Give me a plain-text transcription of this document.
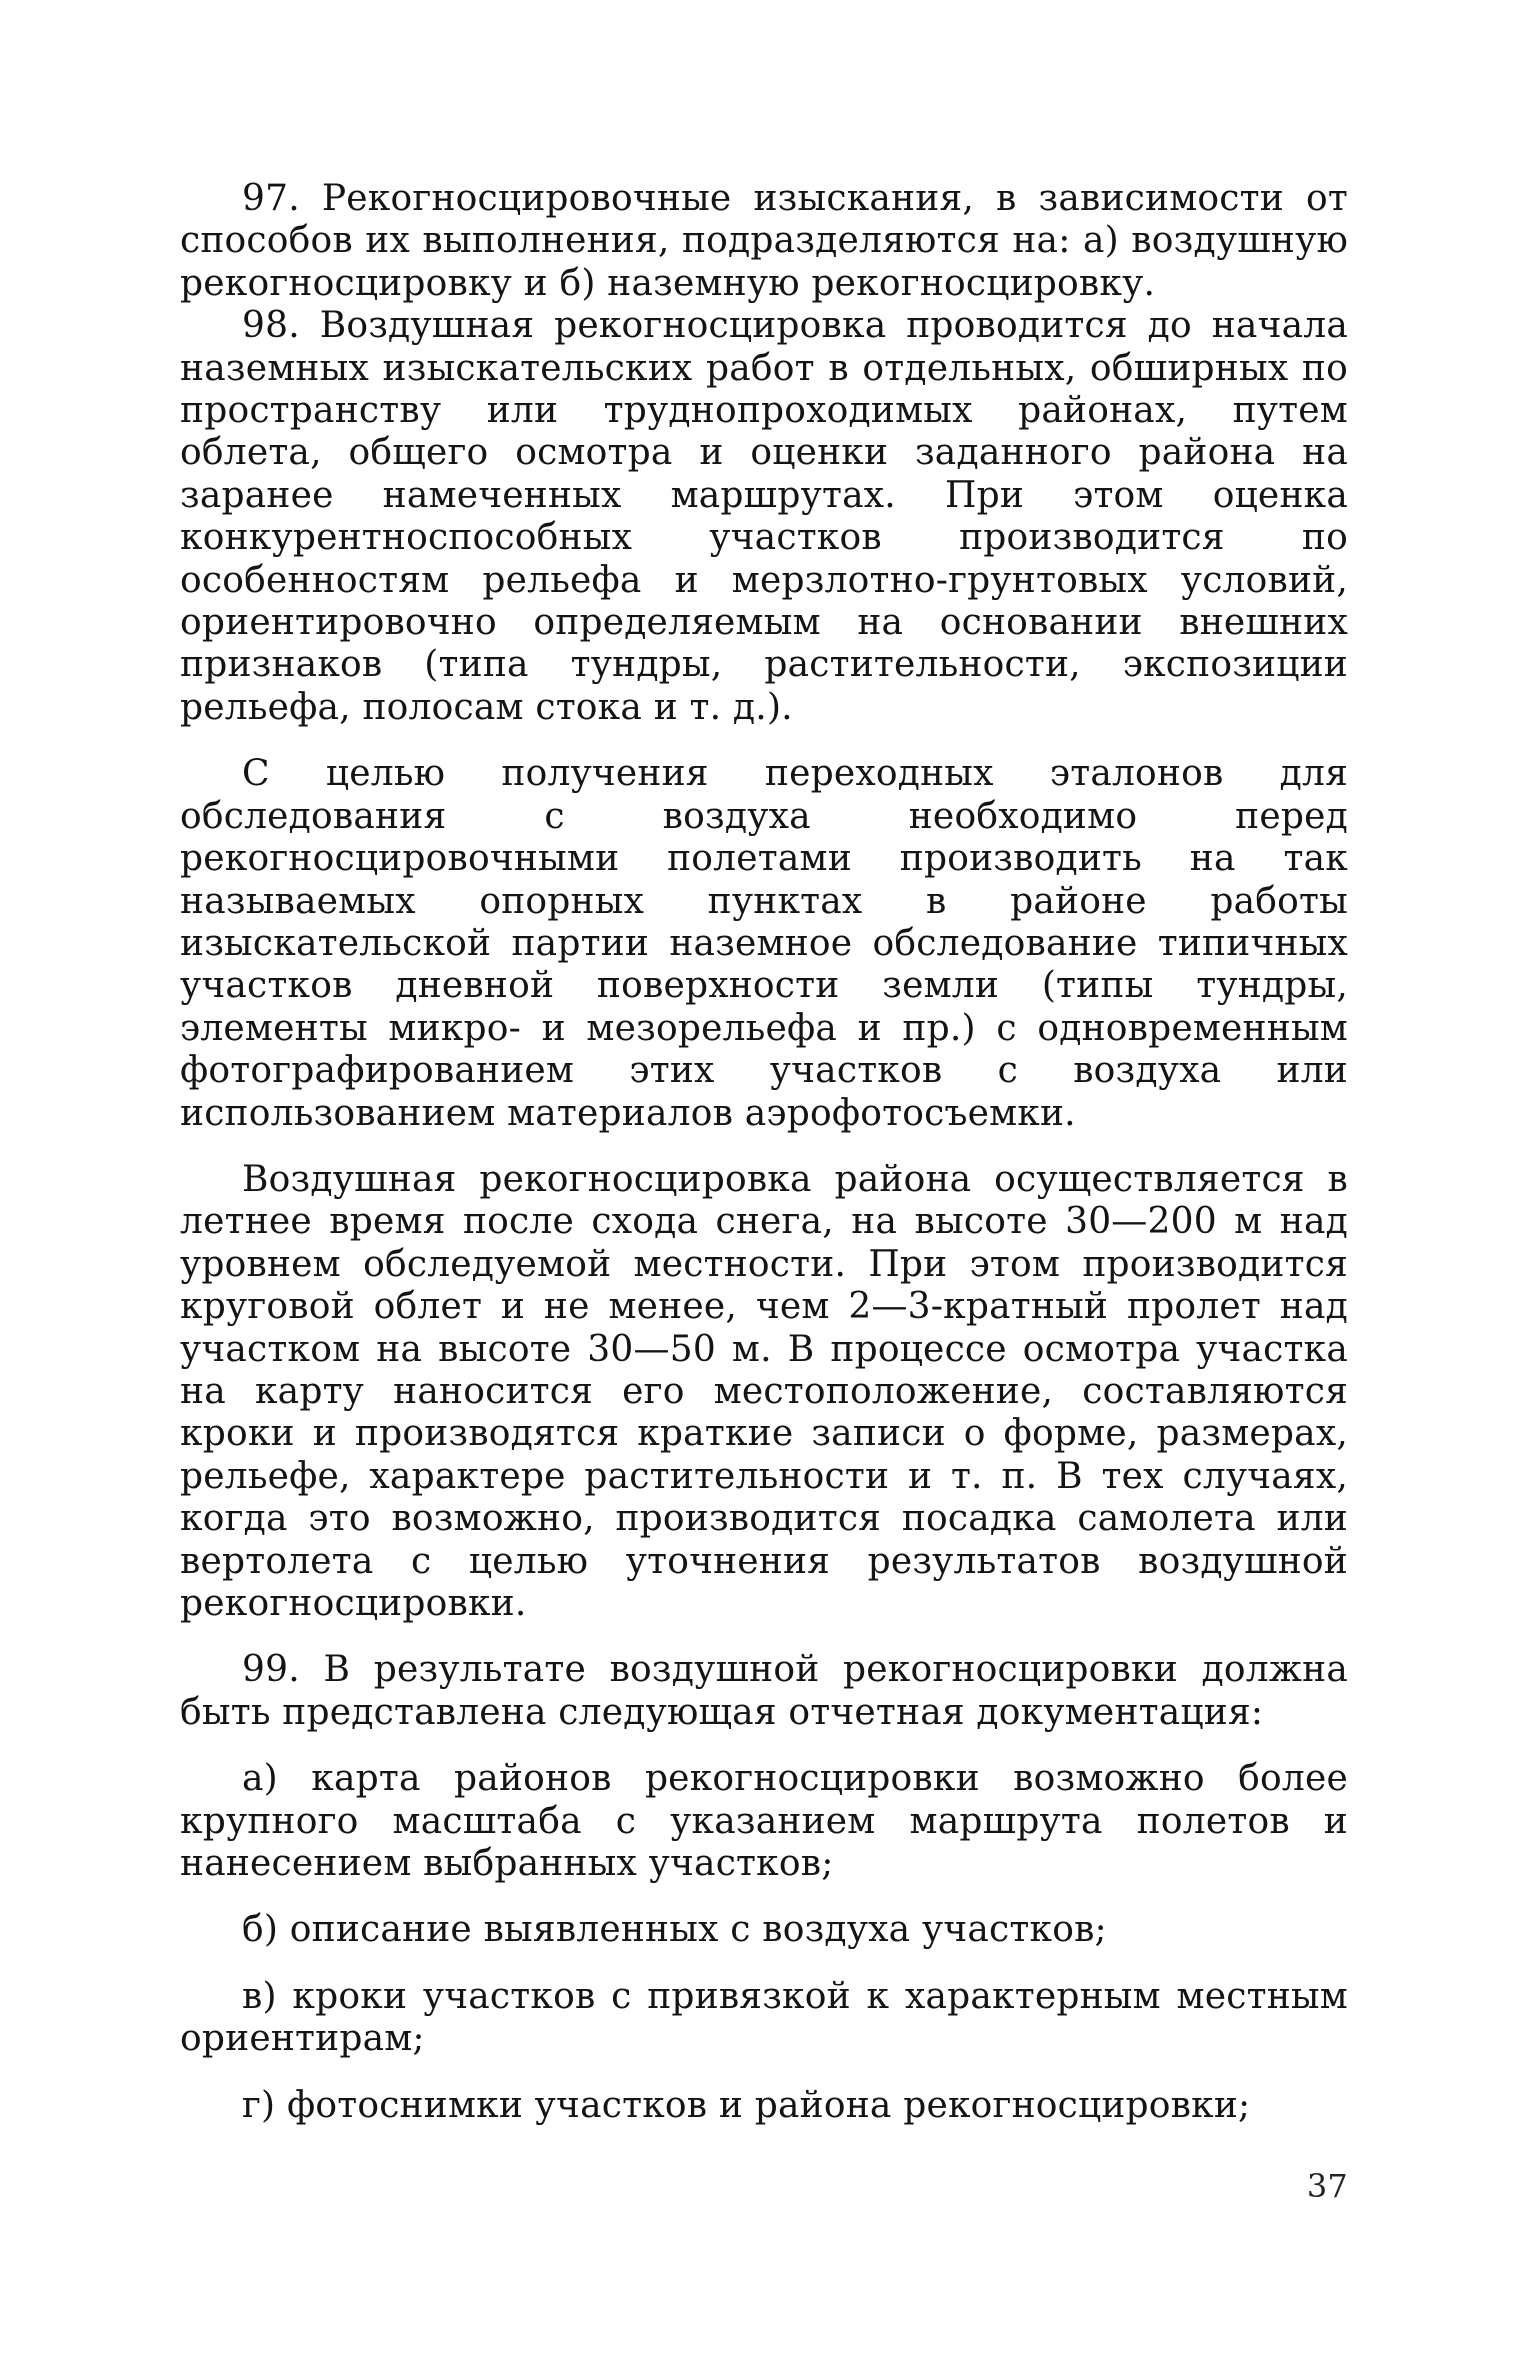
97. Рекогносцировочные изыскания, в зависимости от способов их выполнения, подразделяются на: а) воздушную рекогносцировку и б) наземную рекогносцировку.

98. Воздушная рекогносцировка проводится до начала наземных изыскательских работ в отдельных, обширных по пространству или труднопроходимых районах, путем облета, общего осмотра и оценки заданного района на заранее намеченных маршрутах. При этом оценка конкурентноспособных участков производится по особенностям рельефа и мерзлотно-грунтовых условий, ориентировочно определяемым на основании внешних признаков (типа тундры, растительности, экспозиции рельефа, полосам стока и т. д.).

С целью получения переходных эталонов для обследования с воздуха необходимо перед рекогносцировочными полетами производить на так называемых опорных пунктах в районе работы изыскательской партии наземное обследование типичных участков дневной поверхности земли (типы тундры, элементы микро- и мезорельефа и пр.) с одновременным фотографированием этих участков с воздуха или использованием материалов аэрофотосъемки.

Воздушная рекогносцировка района осуществляется в летнее время после схода снега, на высоте 30—200 м над уровнем обследуемой местности. При этом производится круговой облет и не менее, чем 2—3-кратный пролет над участком на высоте 30—50 м. В процессе осмотра участка на карту наносится его местоположение, составляются кроки и производятся краткие записи о форме, размерах, рельефе, характере растительности и т. п. В тех случаях, когда это возможно, производится посадка самолета или вертолета с целью уточнения результатов воздушной рекогносцировки.

99. В результате воздушной рекогносцировки должна быть представлена следующая отчетная документация:

а) карта районов рекогносцировки возможно более крупного масштаба с указанием маршрута полетов и нанесением выбранных участков;

б) описание выявленных с воздуха участков;

в) кроки участков с привязкой к характерным местным ориентирам;

г) фотоснимки участков и района рекогносцировки;

37
